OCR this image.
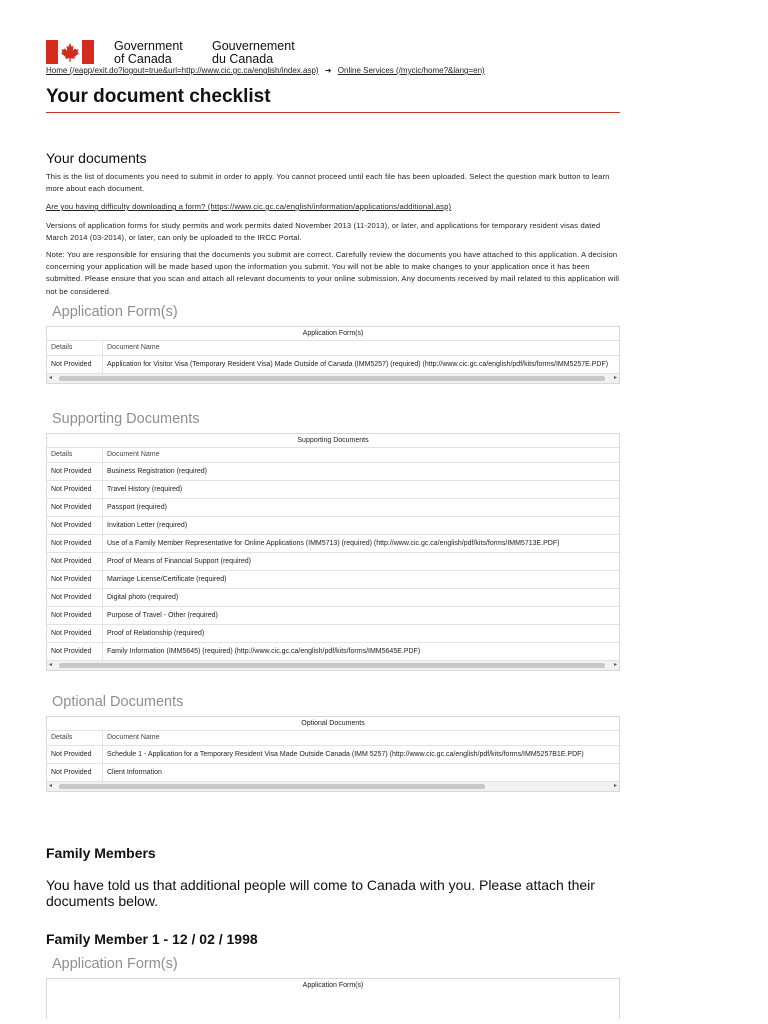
Government
of Canada
Gouvernement
du Canada
Home (/eapp/exit.do?logout=true&url=http://www.cic.gc.ca/english/index.asp) ➜ Online Services (/mycic/home?&lang=en)
Your document checklist
Your documents

This is the list of documents you need to submit in order to apply. You cannot proceed until each file has been uploaded. Select the question mark button to learn more about each document.

Are you having difficulty downloading a form? (https://www.cic.gc.ca/english/information/applications/additional.asp)

Versions of application forms for study permits and work permits dated November 2013 (11-2013), or later, and applications for temporary resident visas dated March 2014 (03-2014), or later, can only be uploaded to the IRCC Portal.

Note: You are responsible for ensuring that the documents you submit are correct. Carefully review the documents you have attached to this application. A decision concerning your application will be made based upon the information you submit. You will not be able to make changes to your application once it has been submitted. Please ensure that you scan and attach all relevant documents to your online submission. Any documents received by mail related to this application will not be considered.

Application Form(s)
Application Form(s)
Details	Document Name
Not Provided	Application for Visitor Visa (Temporary Resident Visa) Made Outside of Canada (IMM5257) (required) (http://www.cic.gc.ca/english/pdf/kits/forms/IMM5257E.PDF)
◂	▸
Supporting Documents
Supporting Documents
Details	Document Name
Not Provided	Business Registration (required)
Not Provided	Travel History (required)
Not Provided	Passport (required)
Not Provided	Invitation Letter (required)
Not Provided	Use of a Family Member Representative for Online Applications (IMM5713) (required) (http://www.cic.gc.ca/english/pdf/kits/forms/IMM5713E.PDF)
Not Provided	Proof of Means of Financial Support (required)
Not Provided	Marriage License/Certificate (required)
Not Provided	Digital photo (required)
Not Provided	Purpose of Travel - Other (required)
Not Provided	Proof of Relationship (required)
Not Provided	Family Information (IMM5645) (required) (http://www.cic.gc.ca/english/pdf/kits/forms/IMM5645E.PDF)
◂	▸
Optional Documents
Optional Documents
Details	Document Name
Not Provided	Schedule 1 - Application for a Temporary Resident Visa Made Outside Canada (IMM 5257) (http://www.cic.gc.ca/english/pdf/kits/forms/IMM5257B1E.PDF)
Not Provided	Client Information
◂	▸
Family Members

You have told us that additional people will come to Canada with you. Please attach their documents below.

Family Member 1 - 12 / 02 / 1998
Application Form(s)
Application Form(s)
